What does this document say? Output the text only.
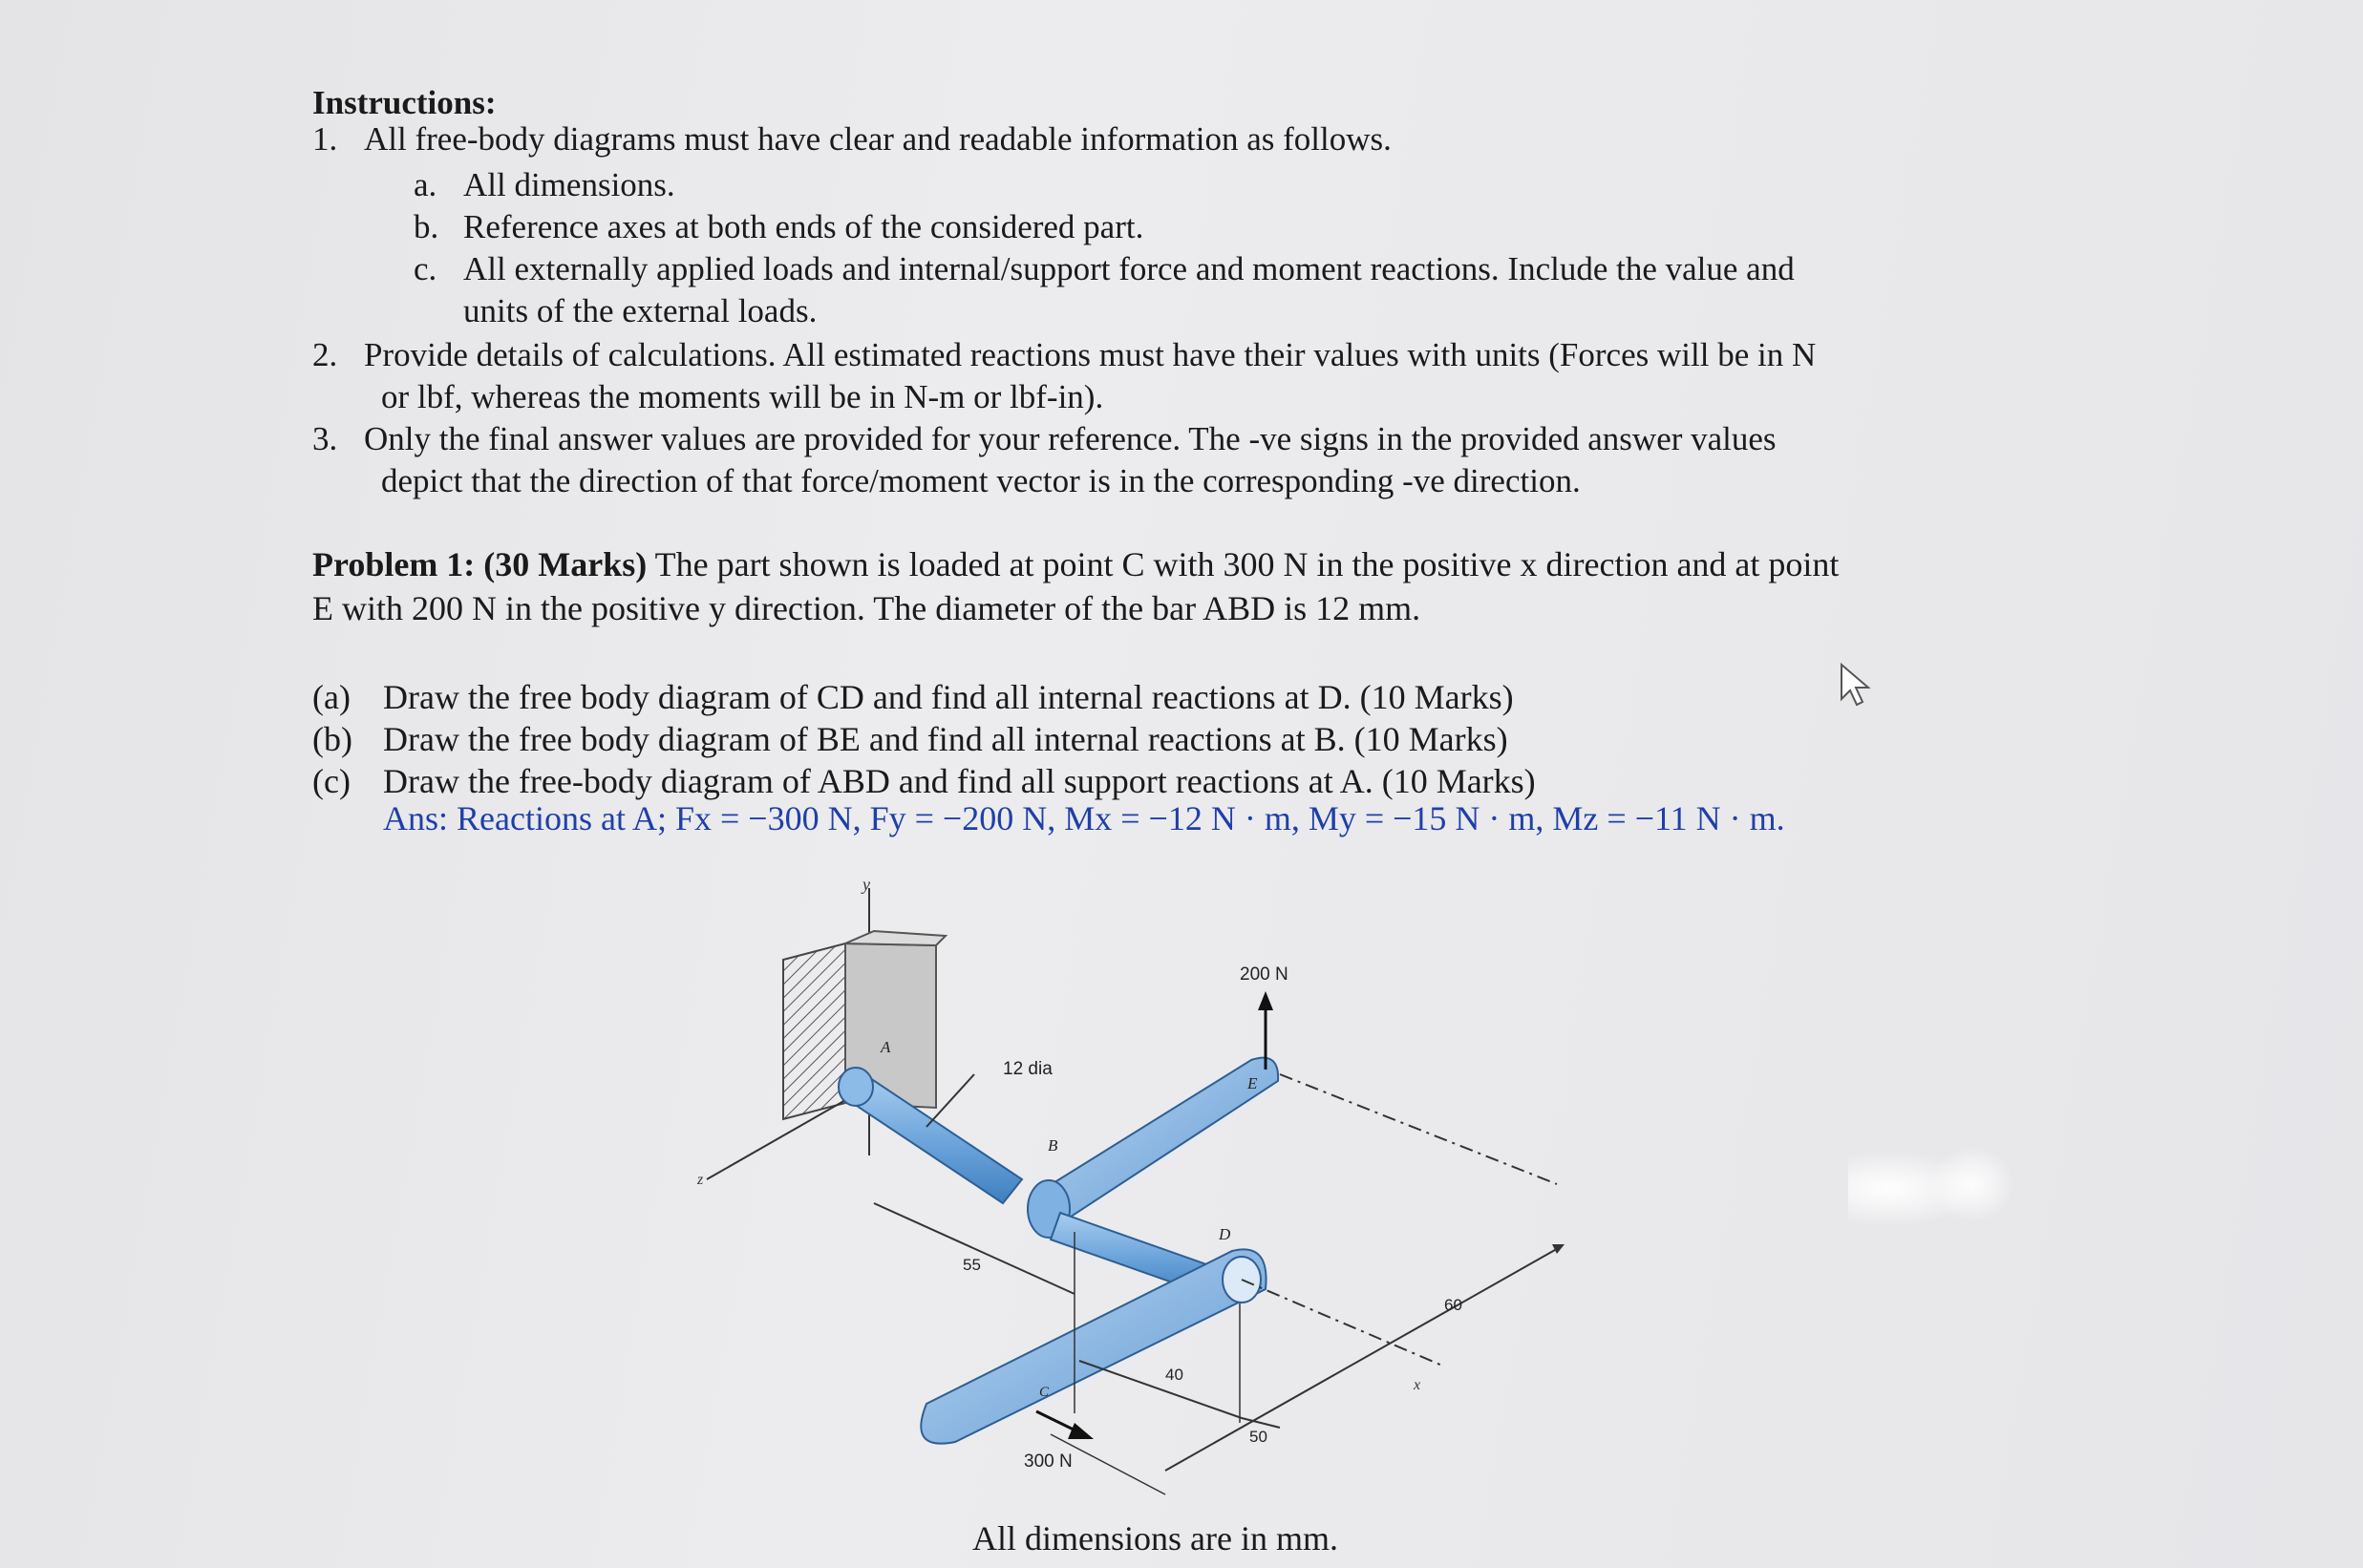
Instructions:
1. All free-body diagrams must have clear and readable information as follows.
a. All dimensions.
b. Reference axes at both ends of the considered part.
c. All externally applied loads and internal/support force and moment reactions. Include the value and
units of the external loads.
2. Provide details of calculations. All estimated reactions must have their values with units (Forces will be in N
or lbf, whereas the moments will be in N-m or lbf-in).
3. Only the final answer values are provided for your reference. The -ve signs in the provided answer values
depict that the direction of that force/moment vector is in the corresponding -ve direction.
Problem 1: (30 Marks) The part shown is loaded at point C with 300 N in the positive x direction and at point
E with 200 N in the positive y direction. The diameter of the bar ABD is 12 mm.
(a) Draw the free body diagram of CD and find all internal reactions at D. (10 Marks)
(b) Draw the free body diagram of BE and find all internal reactions at B. (10 Marks)
(c) Draw the free-body diagram of ABD and find all support reactions at A. (10 Marks)
Ans: Reactions at A; Fx = −300 N, Fy = −200 N, Mx = −12 N · m, My = −15 N · m, Mz = −11 N · m.
y
z
A
12 dia
B
E
200 N
D
C
300 N
x
55
40
50
60
All dimensions are in mm.
